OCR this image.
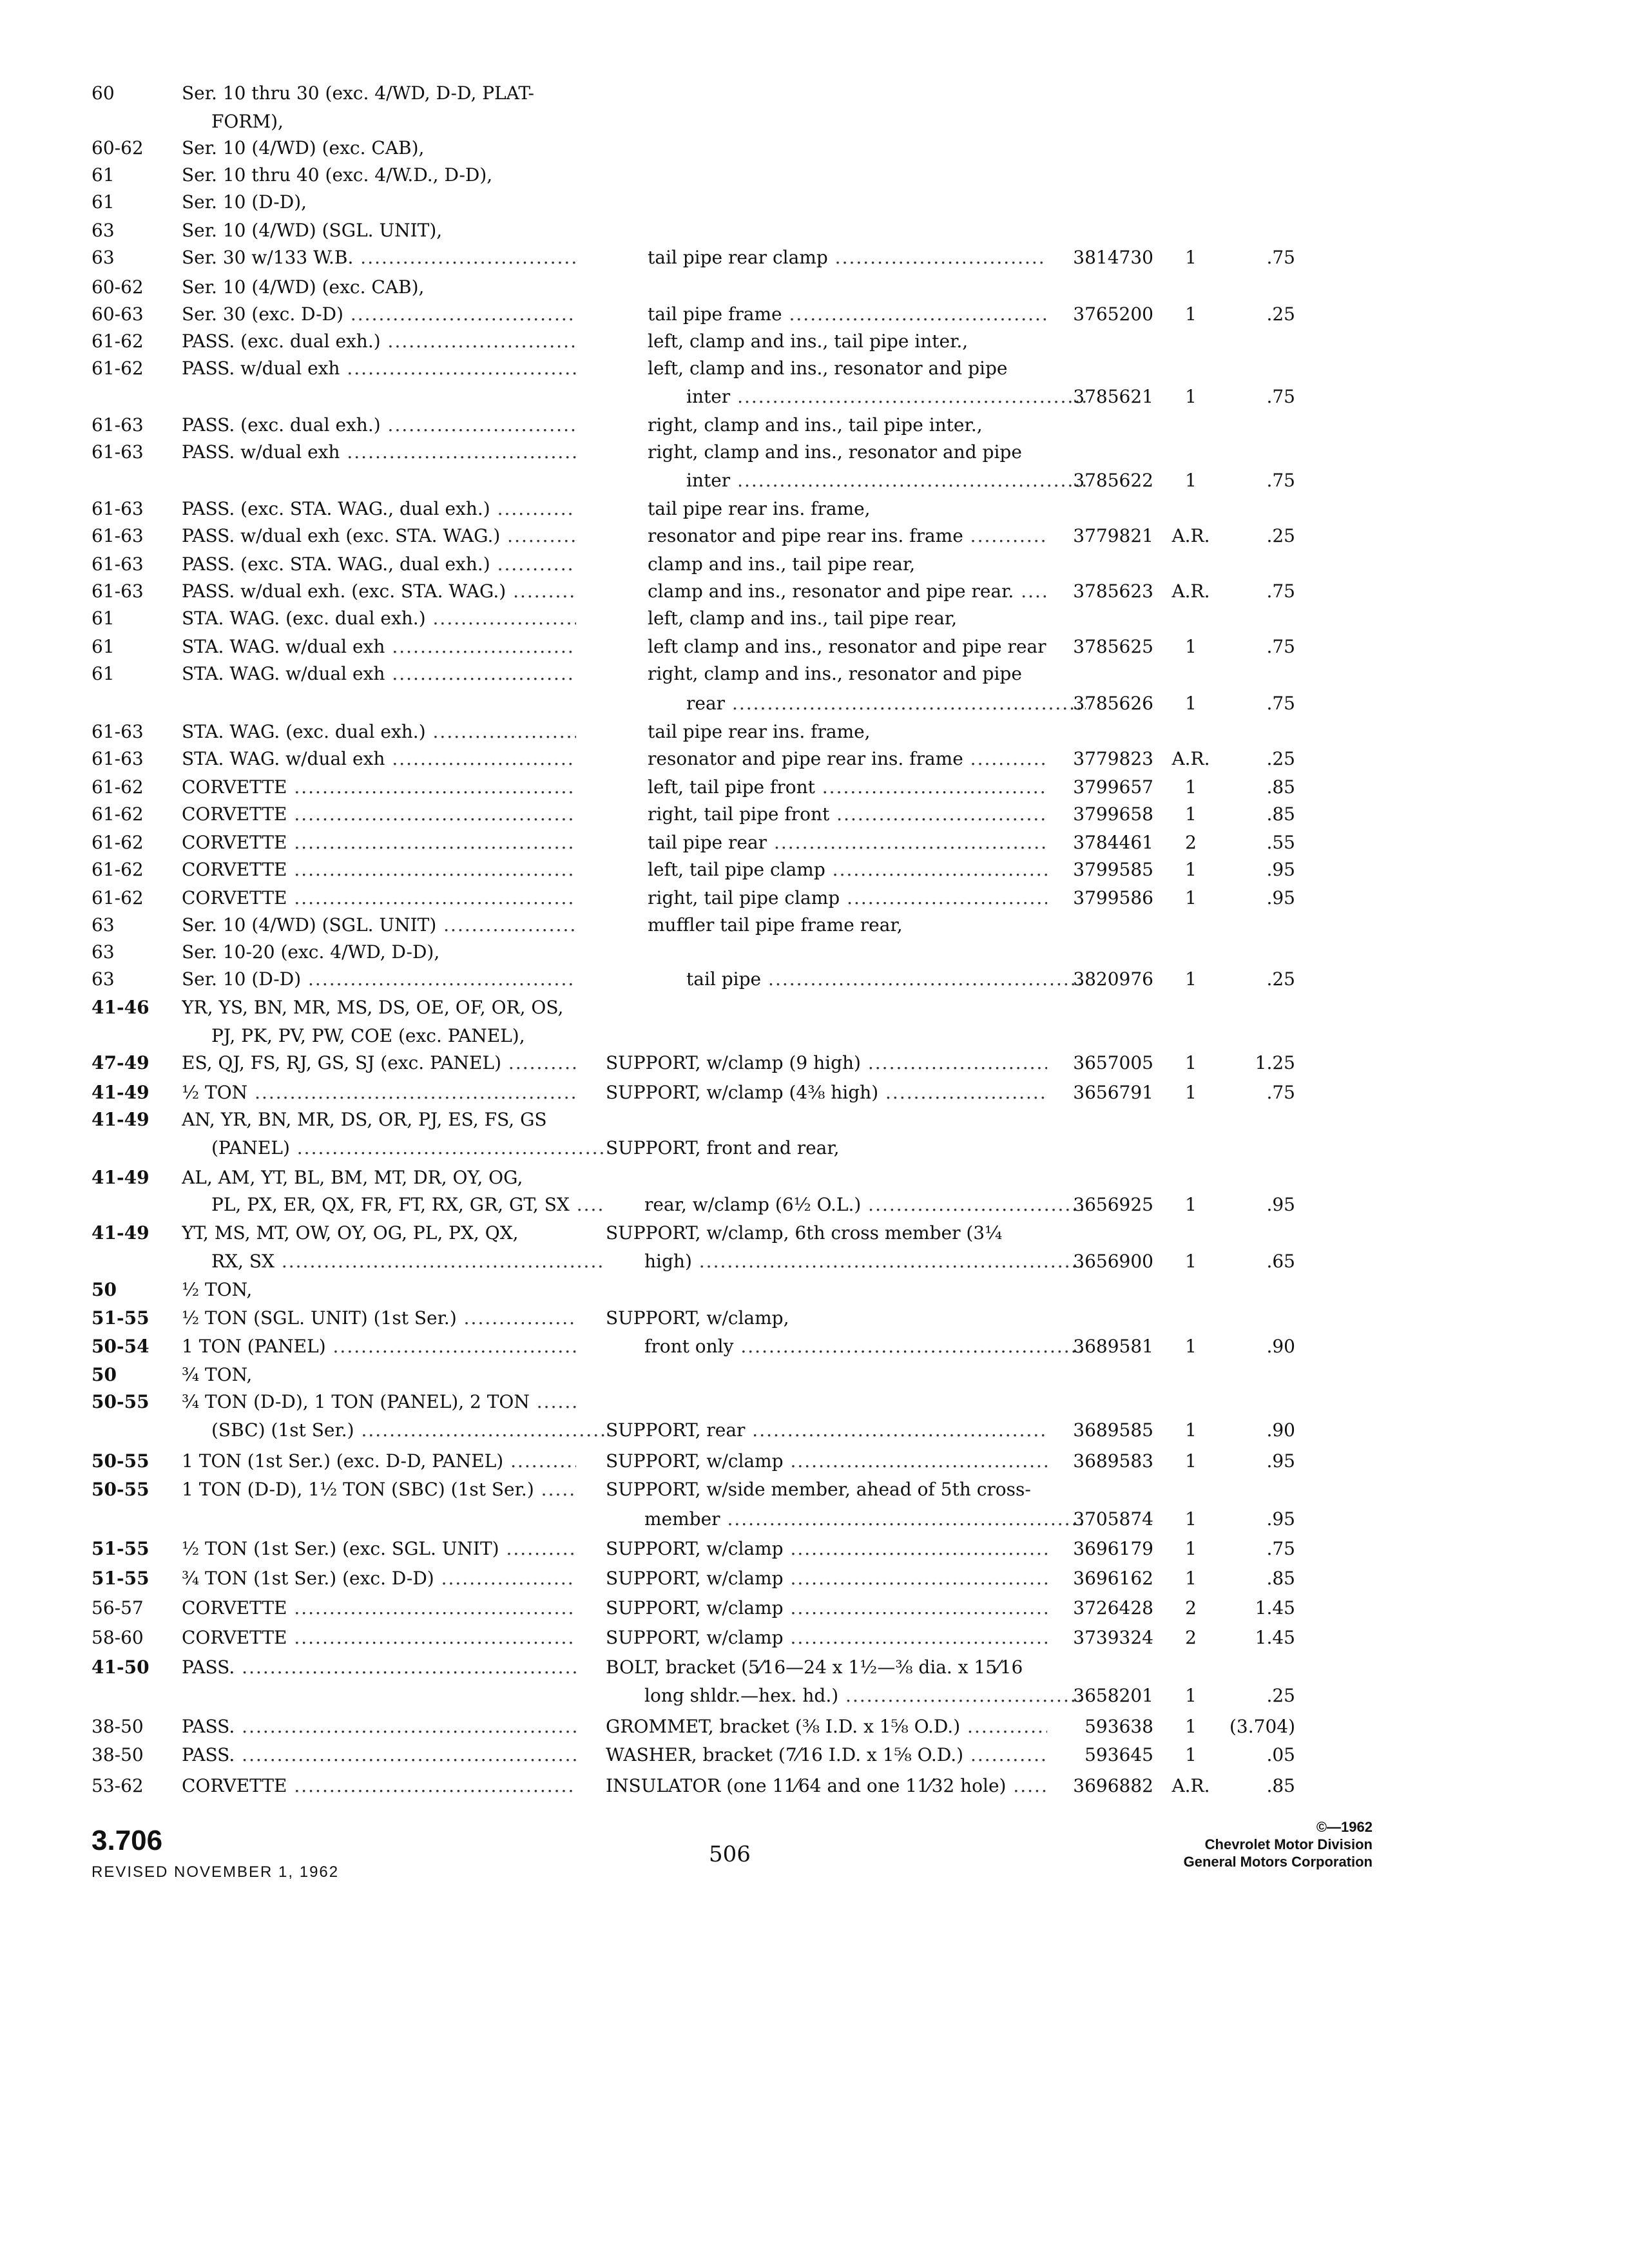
60	Ser. 10 thru 30 (exc. 4/WD, D-D, PLAT-
FORM),
60-62 Ser. 10 (4/WD) (exc. CAB),
61	Ser. 10 thru 40 (exc. 4/W.D., D-D),
61	Ser. 10 (D-D),
63	Ser. 10 (4/WD) (SGL. UNIT),
63	Ser. 30 w/133 W.B. .....	tail pipe rear clamp .....	3814730	1	.75
60-62 Ser. 10 (4/WD) (exc. CAB),
60-63 Ser. 30 (exc. D-D) .....	tail pipe frame .....	3765200	1	.25
61-62 PASS. (exc. dual exh.) .....	left, clamp and ins., tail pipe inter.,
61-62 PASS. w/dual exh .....	left, clamp and ins., resonator and pipe
inter .....	3785621	1	.75
61-63 PASS. (exc. dual exh.) .....	right, clamp and ins., tail pipe inter.,
61-63 PASS. w/dual exh .....	right, clamp and ins., resonator and pipe
inter .....	3785622	1	.75
61-63 PASS. (exc. STA. WAG., dual exh.) .....	tail pipe rear ins. frame,
61-63 PASS. w/dual exh (exc. STA. WAG.) .....	resonator and pipe rear ins. frame .....	3779821	A.R.	.25
61-63 PASS. (exc. STA. WAG., dual exh.) .....	clamp and ins., tail pipe rear,
61-63 PASS. w/dual exh. (exc. STA. WAG.) .....	clamp and ins., resonator and pipe rear. .....	3785623	A.R.	.75
61	STA. WAG. (exc. dual exh.) .....	left, clamp and ins., tail pipe rear,
61	STA. WAG. w/dual exh .....	left clamp and ins., resonator and pipe rear .....	3785625	1	.75
61	STA. WAG. w/dual exh .....	right, clamp and ins., resonator and pipe
rear .....	3785626	1	.75
61-63 STA. WAG. (exc. dual exh.) .....	tail pipe rear ins. frame,
61-63 STA. WAG. w/dual exh .....	resonator and pipe rear ins. frame .....	3779823	A.R.	.25
61-62 CORVETTE .....	left, tail pipe front .....	3799657	1	.85
61-62 CORVETTE .....	right, tail pipe front .....	3799658	1	.85
61-62 CORVETTE .....	tail pipe rear .....	3784461	2	.55
61-62 CORVETTE .....	left, tail pipe clamp .....	3799585	1	.95
61-62 CORVETTE .....	right, tail pipe clamp .....	3799586	1	.95
63	Ser. 10 (4/WD) (SGL. UNIT) .....	muffler tail pipe frame rear,
63	Ser. 10-20 (exc. 4/WD, D-D),
63	Ser. 10 (D-D) .....	tail pipe .....	3820976	1	.25
41-46 YR, YS, BN, MR, MS, DS, OE, OF, OR, OS,
PJ, PK, PV, PW, COE (exc. PANEL),
47-49 ES, QJ, FS, RJ, GS, SJ (exc. PANEL) .....	SUPPORT, w/clamp (9 high) .....	3657005	1	1.25
41-49 ½ TON .....	SUPPORT, w/clamp (4⅜ high) .....	3656791	1	.75
41-49 AN, YR, BN, MR, DS, OR, PJ, ES, FS, GS
(PANEL) .....	SUPPORT, front and rear,
41-49 AL, AM, YT, BL, BM, MT, DR, OY, OG,
PL, PX, ER, QX, FR, FT, RX, GR, GT, SX .....	rear, w/clamp (6½ O.L.) .....	3656925	1	.95
41-49 YT, MS, MT, OW, OY, OG, PL, PX, QX,	SUPPORT, w/clamp, 6th cross member (3¼
RX, SX .....	high) .....	3656900	1	.65
50	½ TON,
51-55 ½ TON (SGL. UNIT) (1st Ser.) .....	SUPPORT, w/clamp,
50-54 1 TON (PANEL) .....	front only .....	3689581	1	.90
50	¾ TON,
50-55 ¾ TON (D-D), 1 TON (PANEL), 2 TON .....
(SBC) (1st Ser.) .....	SUPPORT, rear .....	3689585	1	.90
50-55 1 TON (1st Ser.) (exc. D-D, PANEL) .....	SUPPORT, w/clamp .....	3689583	1	.95
50-55 1 TON (D-D), 1½ TON (SBC) (1st Ser.) .....	SUPPORT, w/side member, ahead of 5th cross-
member .....	3705874	1	.95
51-55 ½ TON (1st Ser.) (exc. SGL. UNIT) .....	SUPPORT, w/clamp .....	3696179	1	.75
51-55 ¾ TON (1st Ser.) (exc. D-D) .....	SUPPORT, w/clamp .....	3696162	1	.85
56-57 CORVETTE .....	SUPPORT, w/clamp .....	3726428	2	1.45
58-60 CORVETTE .....	SUPPORT, w/clamp .....	3739324	2	1.45
41-50 PASS. .....	BOLT, bracket (5⁄16—24 x 1½—⅜ dia. x 15⁄16
long shldr.—hex. hd.) .....	3658201	1	.25
38-50 PASS. .....	GROMMET, bracket (⅜ I.D. x 1⅝ O.D.) .....	593638	1	(3.704)
38-50 PASS. .....	WASHER, bracket (7⁄16 I.D. x 1⅝ O.D.) .....	593645	1	.05
53-62 CORVETTE .....	INSULATOR (one 11⁄64 and one 11⁄32 hole) .....	3696882	A.R.	.85
3.706
REVISED NOVEMBER 1, 1962
506
©—1962
Chevrolet Motor Division
General Motors Corporation
